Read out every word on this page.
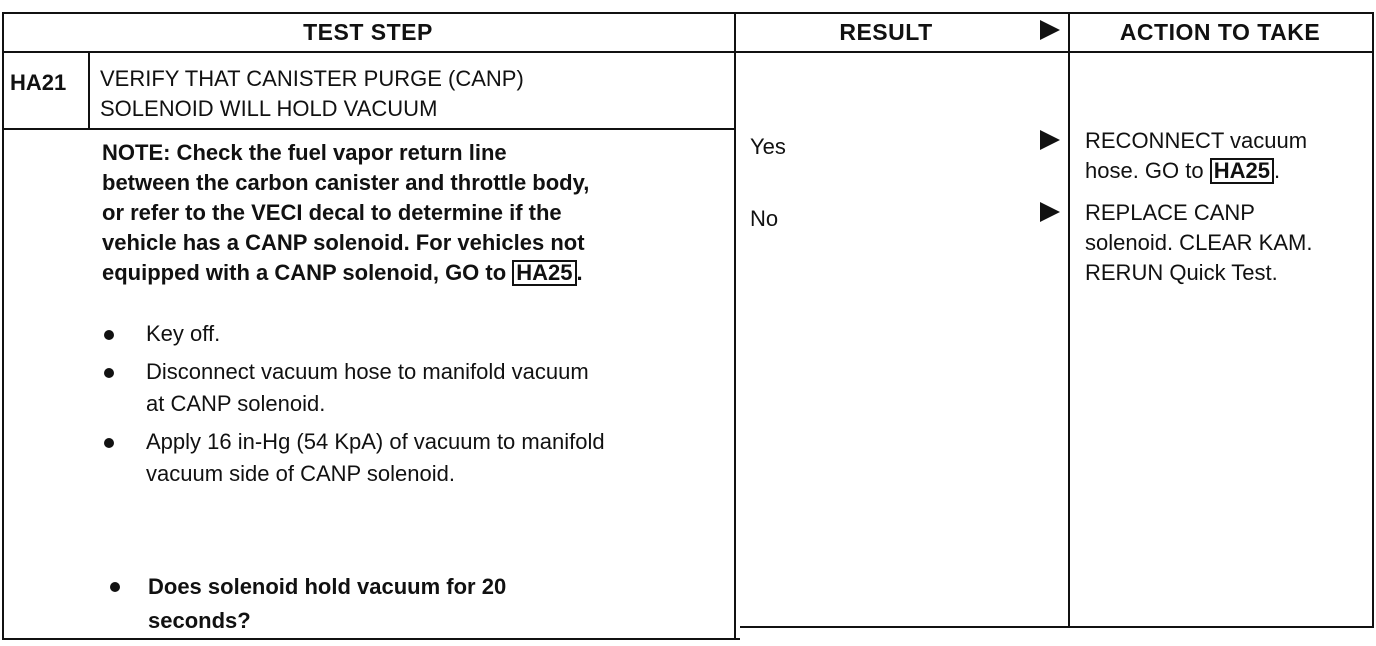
TEST STEP	RESULT	ACTION TO TAKE
HA21 VERIFY THAT CANISTER PURGE (CANP)
SOLENOID WILL HOLD VACUUM
NOTE: Check the fuel vapor return line
between the carbon canister and throttle body,
or refer to the VECI decal to determine if the
vehicle has a CANP solenoid. For vehicles not
equipped with a CANP solenoid, GO to HA25 .
Key off.
Disconnect vacuum hose to manifold vacuum
at CANP solenoid.
Apply 16 in-Hg (54 KpA) of vacuum to manifold
vacuum side of CANP solenoid.
Does solenoid hold vacuum for 20
seconds?
Yes
No
RECONNECT vacuum
hose. GO to HA25 .
REPLACE CANP
solenoid. CLEAR KAM.
RERUN Quick Test.
